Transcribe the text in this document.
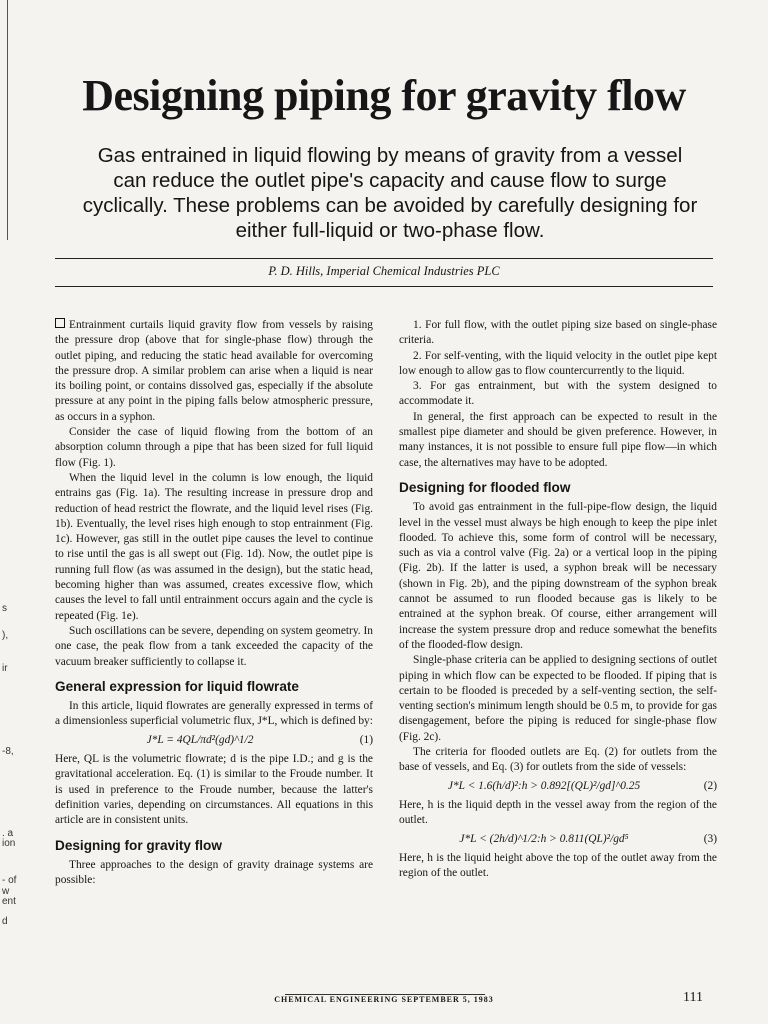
s
),
ir
-8,
. a
ion
- of
w
ent
d
Designing piping for gravity flow
Gas entrained in liquid flowing by means of gravity from a vessel can reduce the outlet pipe's capacity and cause flow to surge cyclically. These problems can be avoided by carefully designing for either full-liquid or two-phase flow.
P. D. Hills, Imperial Chemical Industries PLC

Entrainment curtails liquid gravity flow from vessels by raising the pressure drop (above that for single-phase flow) through the outlet piping, and reducing the static head available for overcoming the pressure drop. A similar problem can arise when a liquid is near its boiling point, or contains dissolved gas, especially if the absolute pressure at any point in the piping falls below atmospheric pressure, as occurs in a syphon.

Consider the case of liquid flowing from the bottom of an absorption column through a pipe that has been sized for full liquid flow (Fig. 1).

When the liquid level in the column is low enough, the liquid entrains gas (Fig. 1a). The resulting increase in pressure drop and reduction of head restrict the flowrate, and the liquid level rises (Fig. 1b). Eventually, the level rises high enough to stop entrainment (Fig. 1c). However, gas still in the outlet pipe causes the level to continue to rise until the gas is all swept out (Fig. 1d). Now, the outlet pipe is running full flow (as was assumed in the design), but the static head, becoming higher than was assumed, creates excessive flow, which causes the level to fall until entrainment occurs again and the cycle is repeated (Fig. 1e).

Such oscillations can be severe, depending on system geometry. In one case, the peak flow from a tank exceeded the capacity of the vacuum breaker sufficiently to collapse it.

General expression for liquid flowrate

In this article, liquid flowrates are generally expressed in terms of a dimensionless superficial volumetric flux, J*L, which is defined by:

J*L = 4QL/πd²(gd)^1/2	(1)

Here, QL is the volumetric flowrate; d is the pipe I.D.; and g is the gravitational acceleration. Eq. (1) is similar to the Froude number. It is used in preference to the Froude number, because the latter's definition varies, depending on circumstances. All equations in this article are in consistent units.

Designing for gravity flow

Three approaches to the design of gravity drainage systems are possible:

1. For full flow, with the outlet piping size based on single-phase criteria.

2. For self-venting, with the liquid velocity in the outlet pipe kept low enough to allow gas to flow countercurrently to the liquid.

3. For gas entrainment, but with the system designed to accommodate it.

In general, the first approach can be expected to result in the smallest pipe diameter and should be given preference. However, in many instances, it is not possible to ensure full pipe flow—in which case, the alternatives may have to be adopted.

Designing for flooded flow

To avoid gas entrainment in the full-pipe-flow design, the liquid level in the vessel must always be high enough to keep the pipe inlet flooded. To achieve this, some form of control will be necessary, such as via a control valve (Fig. 2a) or a vertical loop in the piping (Fig. 2b). If the latter is used, a syphon break will be necessary (shown in Fig. 2b), and the piping downstream of the syphon break cannot be assumed to run flooded because gas is likely to be entrained at the syphon break. Of course, either arrangement will increase the system pressure drop and reduce somewhat the benefits of the flooded-flow design.

Single-phase criteria can be applied to designing sections of outlet piping in which flow can be expected to be flooded. If piping that is certain to be flooded is preceded by a self-venting section, the self-venting section's minimum length should be 0.5 m, to provide for gas disengagement, before the piping is reduced for single-phase flow (Fig. 2c).

The criteria for flooded outlets are Eq. (2) for outlets from the base of vessels, and Eq. (3) for outlets from the side of vessels:

J*L < 1.6(h/d)²:h > 0.892[(QL)²/gd]^0.25	(2)

Here, h is the liquid depth in the vessel away from the region of the outlet.

J*L < (2h/d)^1/2:h > 0.811(QL)²/gd⁵	(3)

Here, h is the liquid height above the top of the outlet away from the region of the outlet.

CHEMICAL ENGINEERING SEPTEMBER 5, 1983	111
